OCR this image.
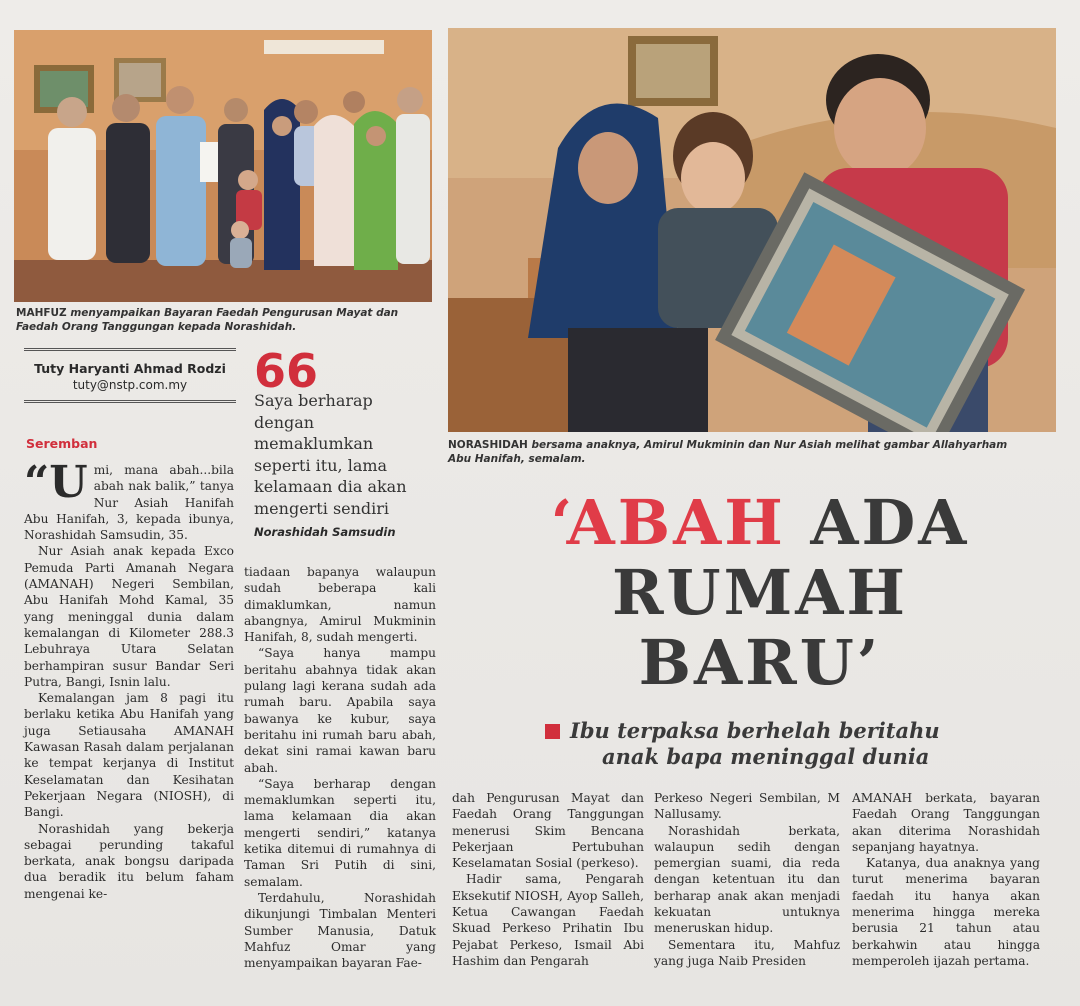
MAHFUZ menyampaikan Bayaran Faedah Pengurusan Mayat dan Faedah Orang Tanggungan kepada Norashidah.
NORASHIDAH bersama anaknya, Amirul Mukminin dan Nur Asiah melihat gambar Allahyarham Abu Hanifah, semalam.
Tuty Haryanti Ahmad Rodzi
tuty@nstp.com.my
Seremban
66
Saya berharap dengan memaklumkan seperti itu, lama kelamaan dia akan mengerti sendiri
Norashidah Samsudin

“Umi, mana abah...bila abah nak balik,” tanya Nur Asiah Hanifah Abu Hanifah, 3, kepada ibunya, Norashidah Samsudin, 35.

Nur Asiah anak kepada Exco Pemuda Parti Amanah Negara (AMANAH) Negeri Sembilan, Abu Hanifah Mohd Kamal, 35 yang meninggal dunia dalam kemalangan di Kilometer 288.3 Lebuhraya Utara Selatan berhampiran susur Bandar Seri Putra, Bangi, Isnin lalu.

Kemalangan jam 8 pagi itu berlaku ketika Abu Hanifah yang juga Setiausaha AMANAH Kawasan Rasah dalam perjalanan ke tempat kerjanya di Institut Keselamatan dan Kesihatan Pekerjaan Negara (NIOSH), di Bangi.

Norashidah yang bekerja sebagai perunding takaful berkata, anak bongsu daripada dua beradik itu belum faham mengenai ke-

tiadaan bapanya walaupun sudah beberapa kali dimaklumkan, namun abangnya, Amirul Mukminin Hanifah, 8, sudah mengerti.

“Saya hanya mampu beritahu abahnya tidak akan pulang lagi kerana sudah ada rumah baru. Apabila saya bawanya ke kubur, saya beritahu ini rumah baru abah, dekat sini ramai kawan baru abah.

“Saya berharap dengan memaklumkan seperti itu, lama kelamaan dia akan mengerti sendiri,” katanya ketika ditemui di rumahnya di Taman Sri Putih di sini, semalam.

Terdahulu, Norashidah dikunjungi Timbalan Menteri Sumber Manusia, Datuk Mahfuz Omar yang menyampaikan bayaran Fae-

‘ABAH ADA
RUMAH
BARU’
Ibu terpaksa berhelah beritahu
anak bapa meninggal dunia

dah Pengurusan Mayat dan Faedah Orang Tanggungan menerusi Skim Bencana Pekerjaan Pertubuhan Keselamatan Sosial (perkeso).

Hadir sama, Pengarah Eksekutif NIOSH, Ayop Salleh, Ketua Cawangan Faedah Skuad Perkeso Prihatin Ibu Pejabat Perkeso, Ismail Abi Hashim dan Pengarah

Perkeso Negeri Sembilan, M Nallusamy.

Norashidah berkata, walaupun sedih dengan pemergian suami, dia reda dengan ketentuan itu dan berharap anak akan menjadi kekuatan untuknya meneruskan hidup.

Sementara itu, Mahfuz yang juga Naib Presiden

AMANAH berkata, bayaran Faedah Orang Tanggungan akan diterima Norashidah sepanjang hayatnya.

Katanya, dua anaknya yang turut menerima bayaran faedah itu hanya akan menerima hingga mereka berusia 21 tahun atau berkahwin atau hingga memperoleh ijazah pertama.
